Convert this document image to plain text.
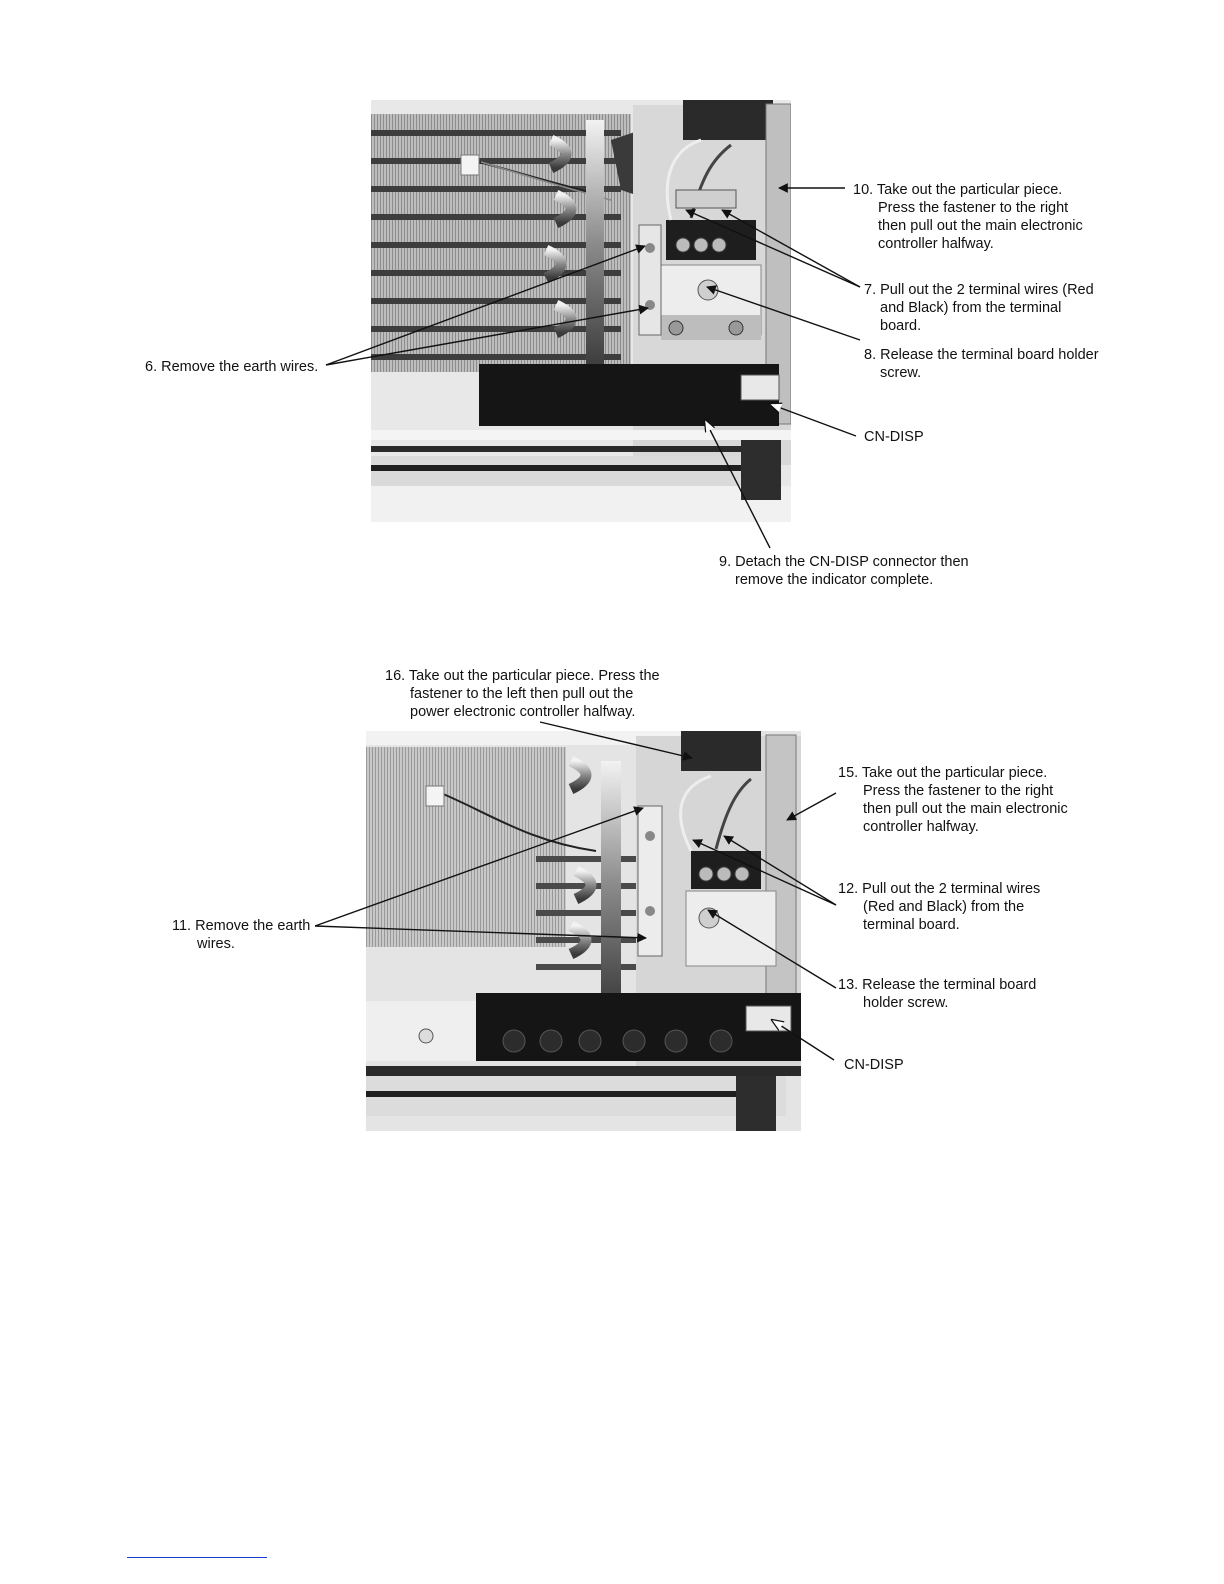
10. Take out the particular piece.
Press the fastener to the right
then pull out the main electronic
controller halfway.
7. Pull out the 2 terminal wires (Red
and Black) from the terminal
board.
8. Release the terminal board holder
screw.
6. Remove the earth wires.
CN-DISP
9. Detach the CN-DISP connector then
remove the indicator complete.
16. Take out the particular piece. Press the
fastener to the left then pull out the
power electronic controller halfway.
15. Take out the particular piece.
Press the fastener to the right
then pull out the main electronic
controller halfway.
12. Pull out the 2 terminal wires
(Red and Black) from the
terminal board.
11. Remove the earth
wires.
13. Release the terminal board
holder screw.
CN-DISP
